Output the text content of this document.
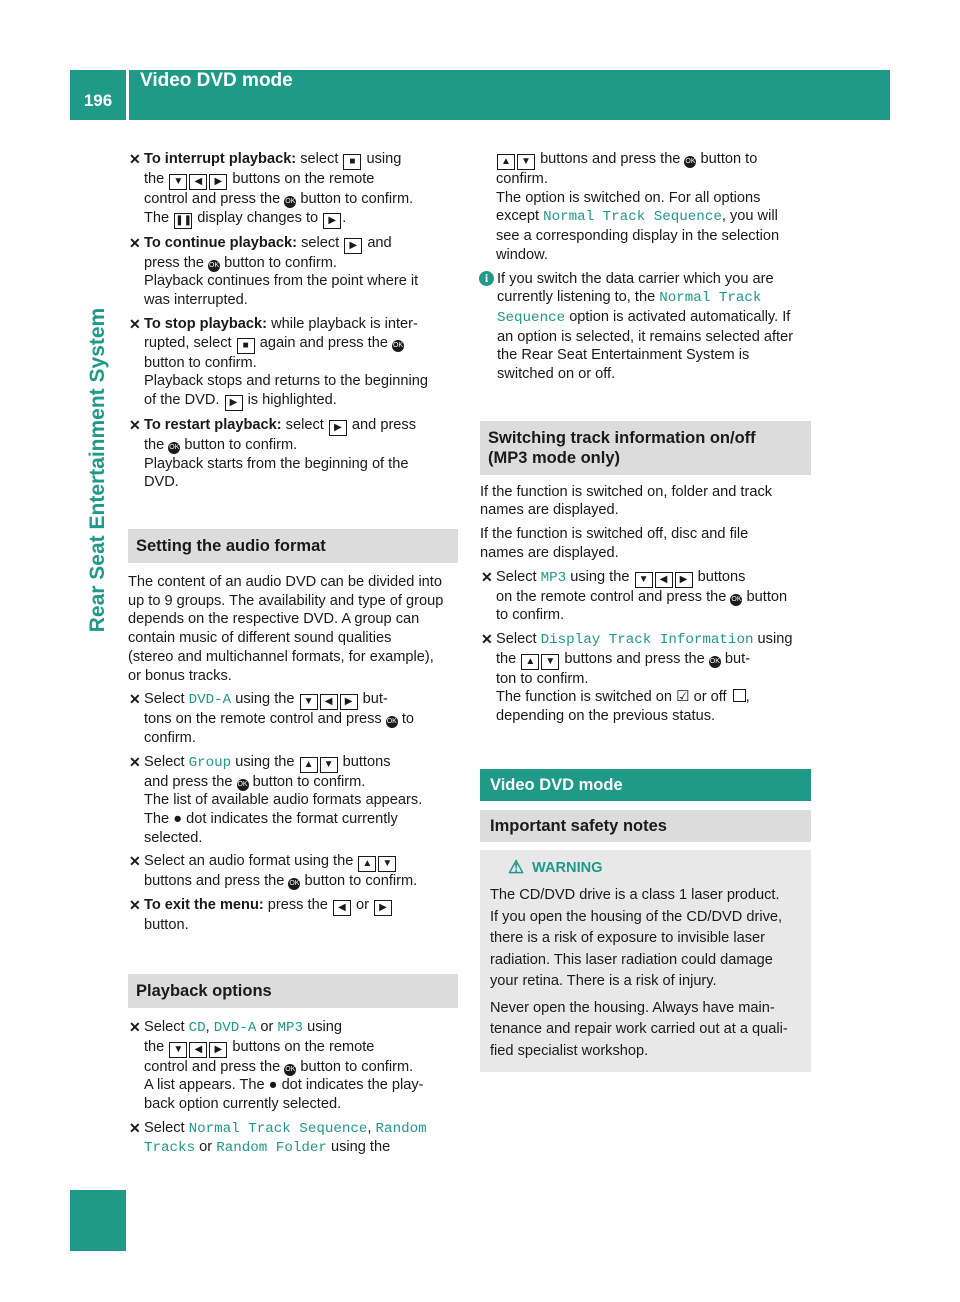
196
Video DVD mode
Rear Seat Entertainment System
✕ To interrupt playback: select ■ using
the ▼ ◀ ▶ buttons on the remote
control and press the OK button to confirm.
The ❚❚ display changes to ▶ .
✕ To continue playback: select ▶ and
press the OK button to confirm.
Playback continues from the point where it
was interrupted.
✕ To stop playback: while playback is inter-
rupted, select ■ again and press the OK
button to confirm.
Playback stops and returns to the beginning
of the DVD. ▶ is highlighted.
✕ To restart playback: select ▶ and press
the OK button to confirm.
Playback starts from the beginning of the
DVD.
Setting the audio format
The content of an audio DVD can be divided into
up to 9 groups. The availability and type of group
depends on the respective DVD. A group can
contain music of different sound qualities
(stereo and multichannel formats, for example),
or bonus tracks.
✕ Select DVD-A using the ▼ ◀ ▶ but-
tons on the remote control and press OK to
confirm.
✕ Select Group using the ▲ ▼ buttons
and press the OK button to confirm.
The list of available audio formats appears.
The ● dot indicates the format currently
selected.
✕ Select an audio format using the ▲ ▼
buttons and press the OK button to confirm.
✕ To exit the menu: press the ◀ or ▶
button.
Playback options
✕ Select CD, DVD-A or MP3 using
the ▼ ◀ ▶ buttons on the remote
control and press the OK button to confirm.
A list appears. The ● dot indicates the play-
back option currently selected.
✕ Select Normal Track Sequence, Random
Tracks or Random Folder using the
▲ ▼ buttons and press the OK button to
confirm.
The option is switched on. For all options
except Normal Track Sequence, you will
see a corresponding display in the selection
window.
i If you switch the data carrier which you are
currently listening to, the Normal Track
Sequence option is activated automatically. If
an option is selected, it remains selected after
the Rear Seat Entertainment System is
switched on or off.
Switching track information on/off
(MP3 mode only)
If the function is switched on, folder and track
names are displayed.
If the function is switched off, disc and file
names are displayed.
✕ Select MP3 using the ▼ ◀ ▶ buttons
on the remote control and press the OK button
to confirm.
✕ Select Display Track Information using
the ▲ ▼ buttons and press the OK but-
ton to confirm.
The function is switched on ☑ or off ,
depending on the previous status.
Video DVD mode
Important safety notes
⚠ WARNING
The CD/DVD drive is a class 1 laser product.
If you open the housing of the CD/DVD drive,
there is a risk of exposure to invisible laser
radiation. This laser radiation could damage
your retina. There is a risk of injury.
Never open the housing. Always have main-
tenance and repair work carried out at a quali-
fied specialist workshop.
